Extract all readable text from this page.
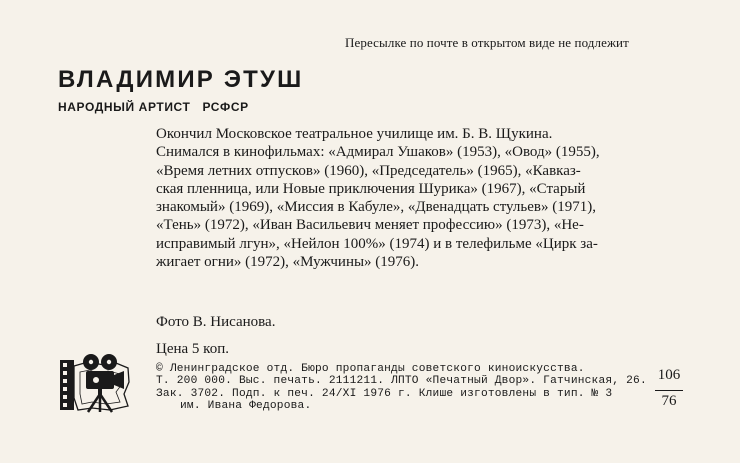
Пересылке по почте в открытом виде не подлежит
ВЛАДИМИР ЭТУШ
НАРОДНЫЙ АРТИСТ РСФСР
Окончил Московское театральное училище им. Б. В. Щукина.
Снимался в кинофильмах: «Адмирал Ушаков» (1953), «Овод» (1955),
«Время летних отпусков» (1960), «Председатель» (1965), «Кавказ-
ская пленница, или Новые приключения Шурика» (1967), «Старый
знакомый» (1969), «Миссия в Кабуле», «Двенадцать стульев» (1971),
«Тень» (1972), «Иван Васильевич меняет профессию» (1973), «Не-
исправимый лгун», «Нейлон 100%» (1974) и в телефильме «Цирк за-
жигает огни» (1972), «Мужчины» (1976).
Фото В. Нисанова.
Цена 5 коп.
© Ленинградское отд. Бюро пропаганды советского киноискусства.
Т. 200 000. Выс. печать. 2111211. ЛПТО «Печатный Двор». Гатчинская, 26.
Зак. 3702. Подп. к печ. 24/XI 1976 г. Клише изготовлены в тип. № 3
им. Ивана Федорова.	$\frac{106}{76}$
